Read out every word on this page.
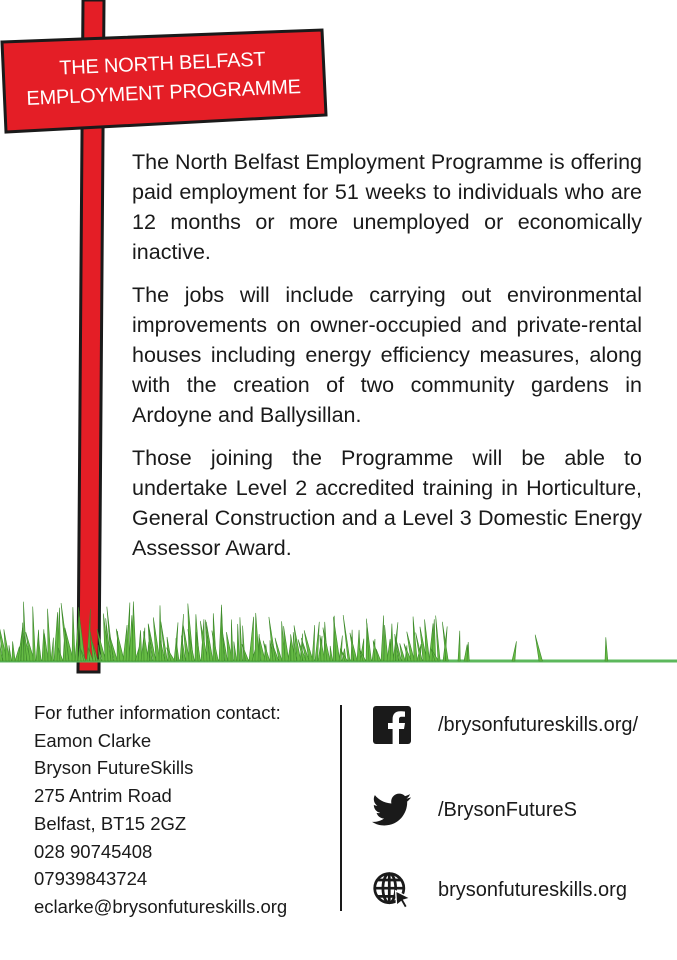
THE NORTH BELFAST
EMPLOYMENT PROGRAMME

The North Belfast Employment Programme is offering paid employment for 51 weeks to individuals who are 12 months or more unemployed or economically inactive.

The jobs will include carrying out environmental improvements on owner-occupied and private-rental houses including energy efficiency measures, along with the creation of two community gardens in Ardoyne and Ballysillan.

Those joining the Programme will be able to undertake Level 2 accredited training in Horticulture, General Construction and a Level 3 Domestic Energy Assessor Award.

For futher information contact:
Eamon Clarke
Bryson FutureSkills
275 Antrim Road
Belfast, BT15 2GZ
028 90745408
07939843724
eclarke@brysonfutureskills.org
/brysonfutureskills.org/
/BrysonFutureS
brysonfutureskills.org
